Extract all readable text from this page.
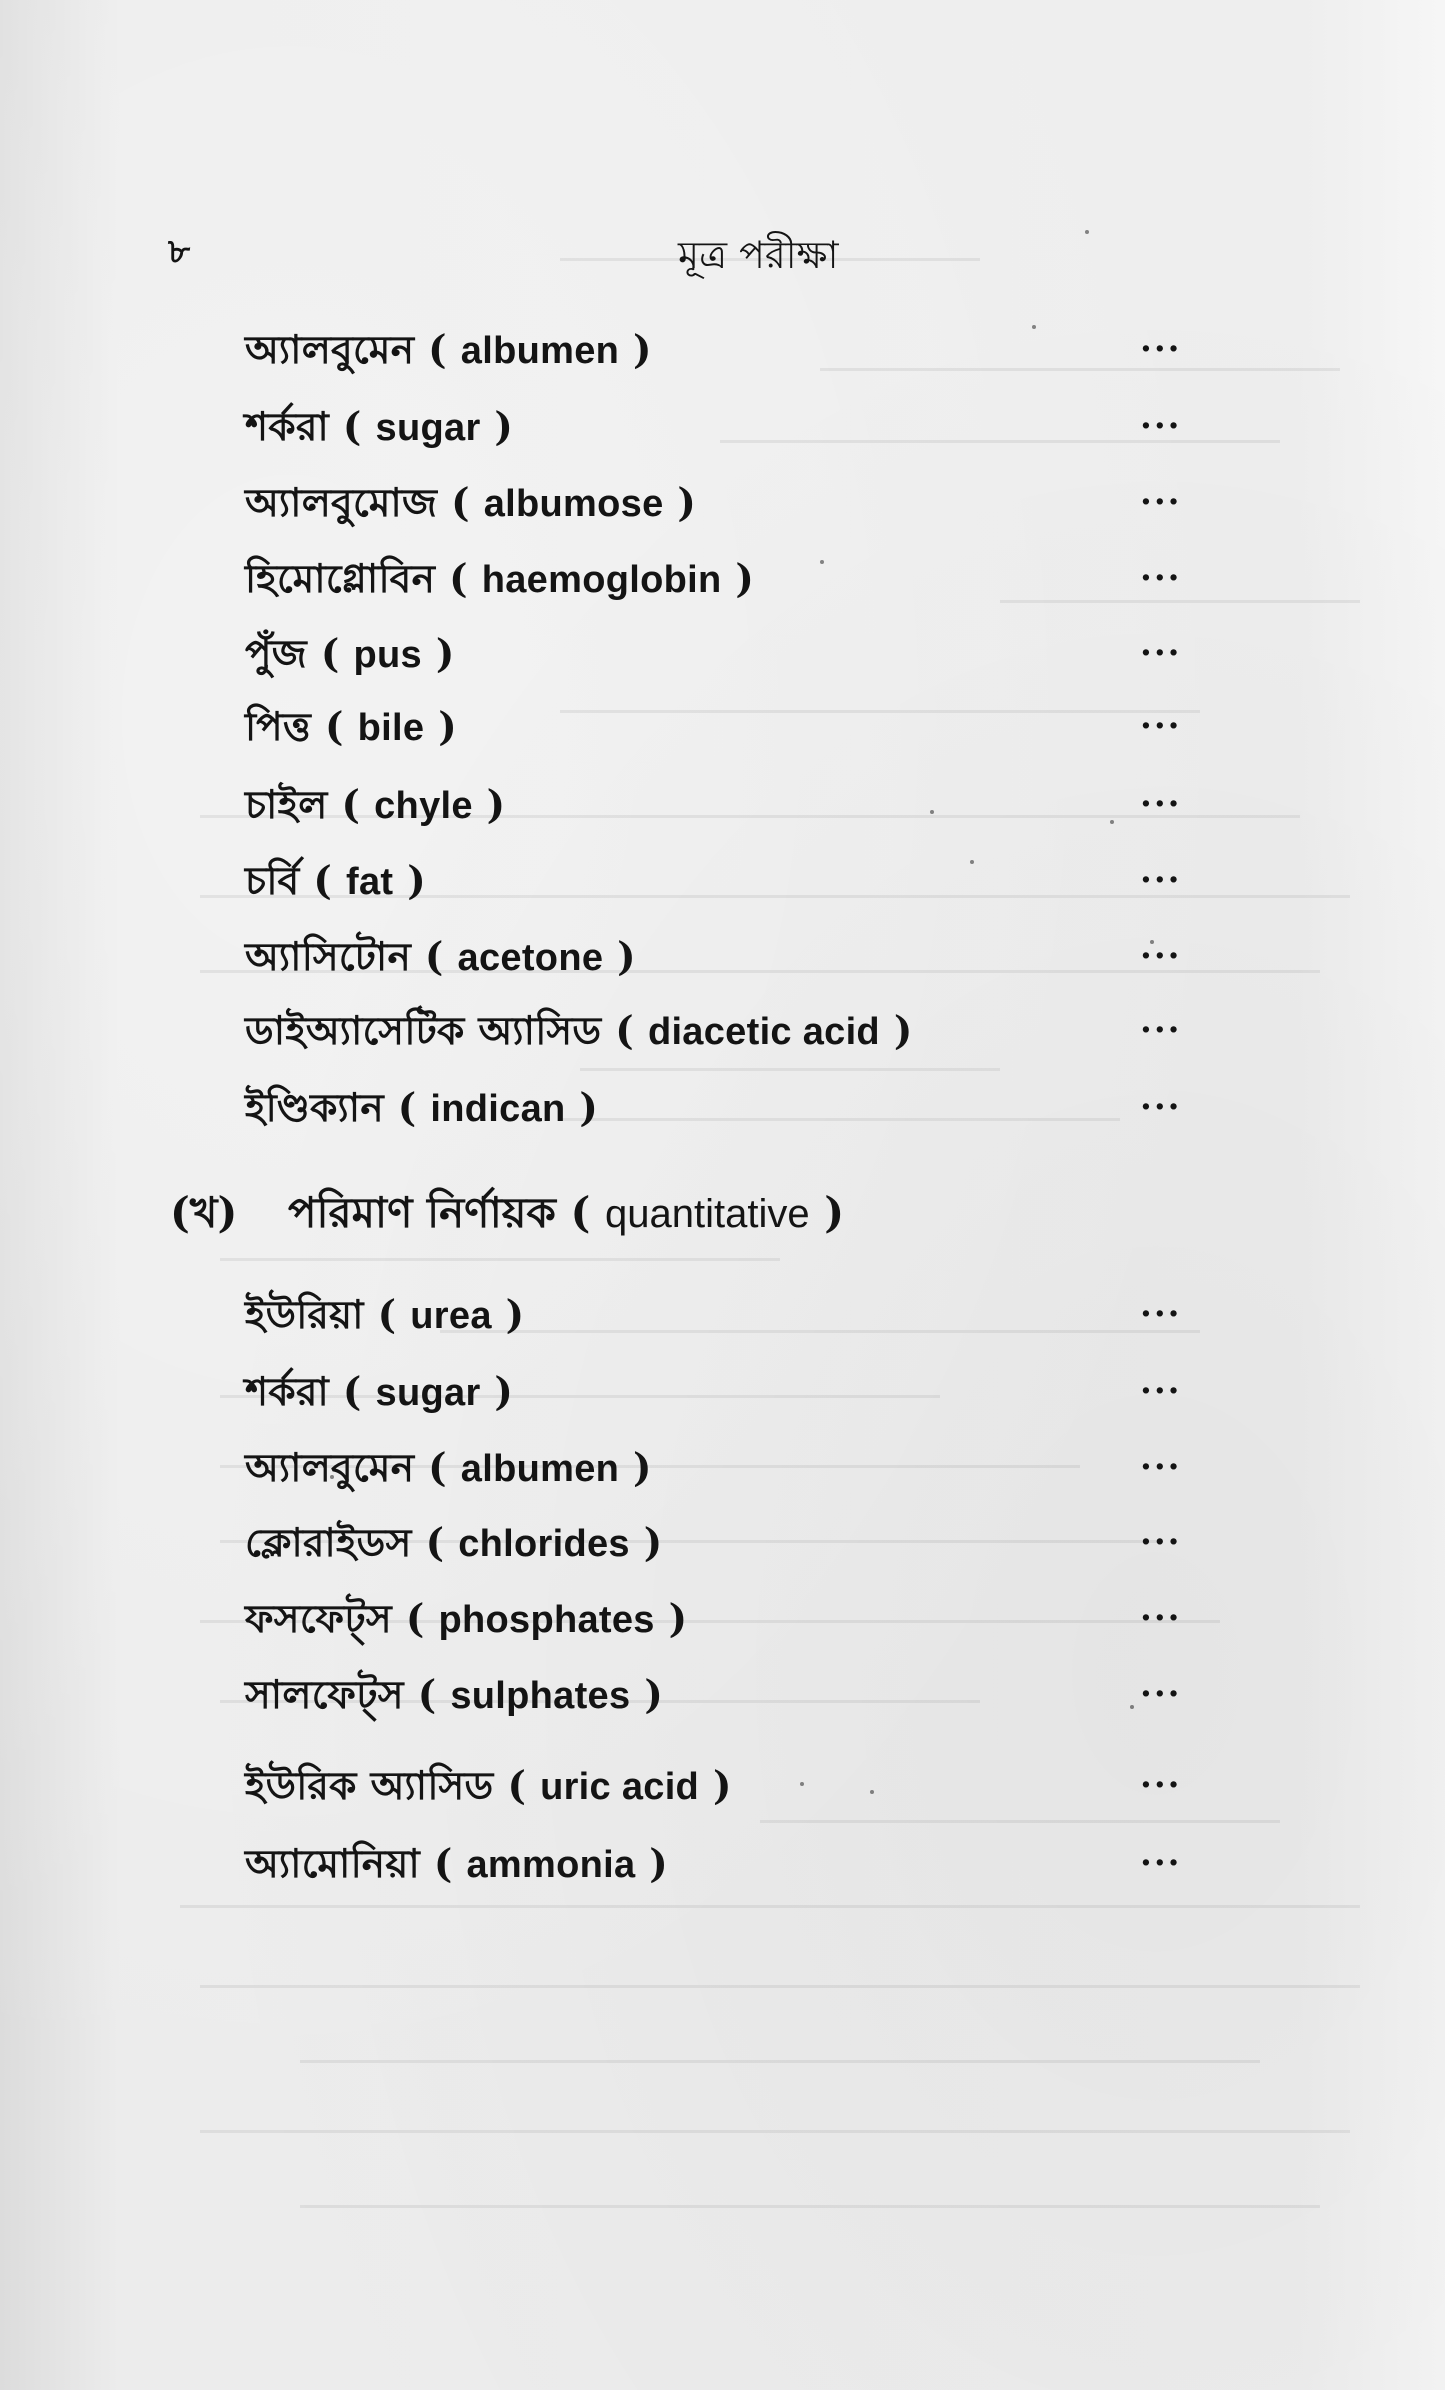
৮	মূত্র পরীক্ষা
অ্যালবুমেন ( albumen )	...
শর্করা ( sugar )	...
অ্যালবুমোজ ( albumose )	...
হিমোগ্লোবিন ( haemoglobin )	...
পুঁজ ( pus )	...
পিত্ত ( bile )	...
চাইল ( chyle )	...
চর্বি ( fat )	...
অ্যাসিটোন ( acetone )	...
ডাইঅ্যাসেটিক অ্যাসিড ( diacetic acid )	...
ইণ্ডিক্যান ( indican )	...
(খ) পরিমাণ নির্ণায়ক ( quantitative )
ইউরিয়া ( urea )	...
শর্করা ( sugar )	...
অ্যালবুমেন ( albumen )	...
ক্লোরাইডস ( chlorides )	...
ফসফেট্স ( phosphates )	...
সালফেট্স ( sulphates )	...
ইউরিক অ্যাসিড ( uric acid )	...
অ্যামোনিয়া ( ammonia )	...
